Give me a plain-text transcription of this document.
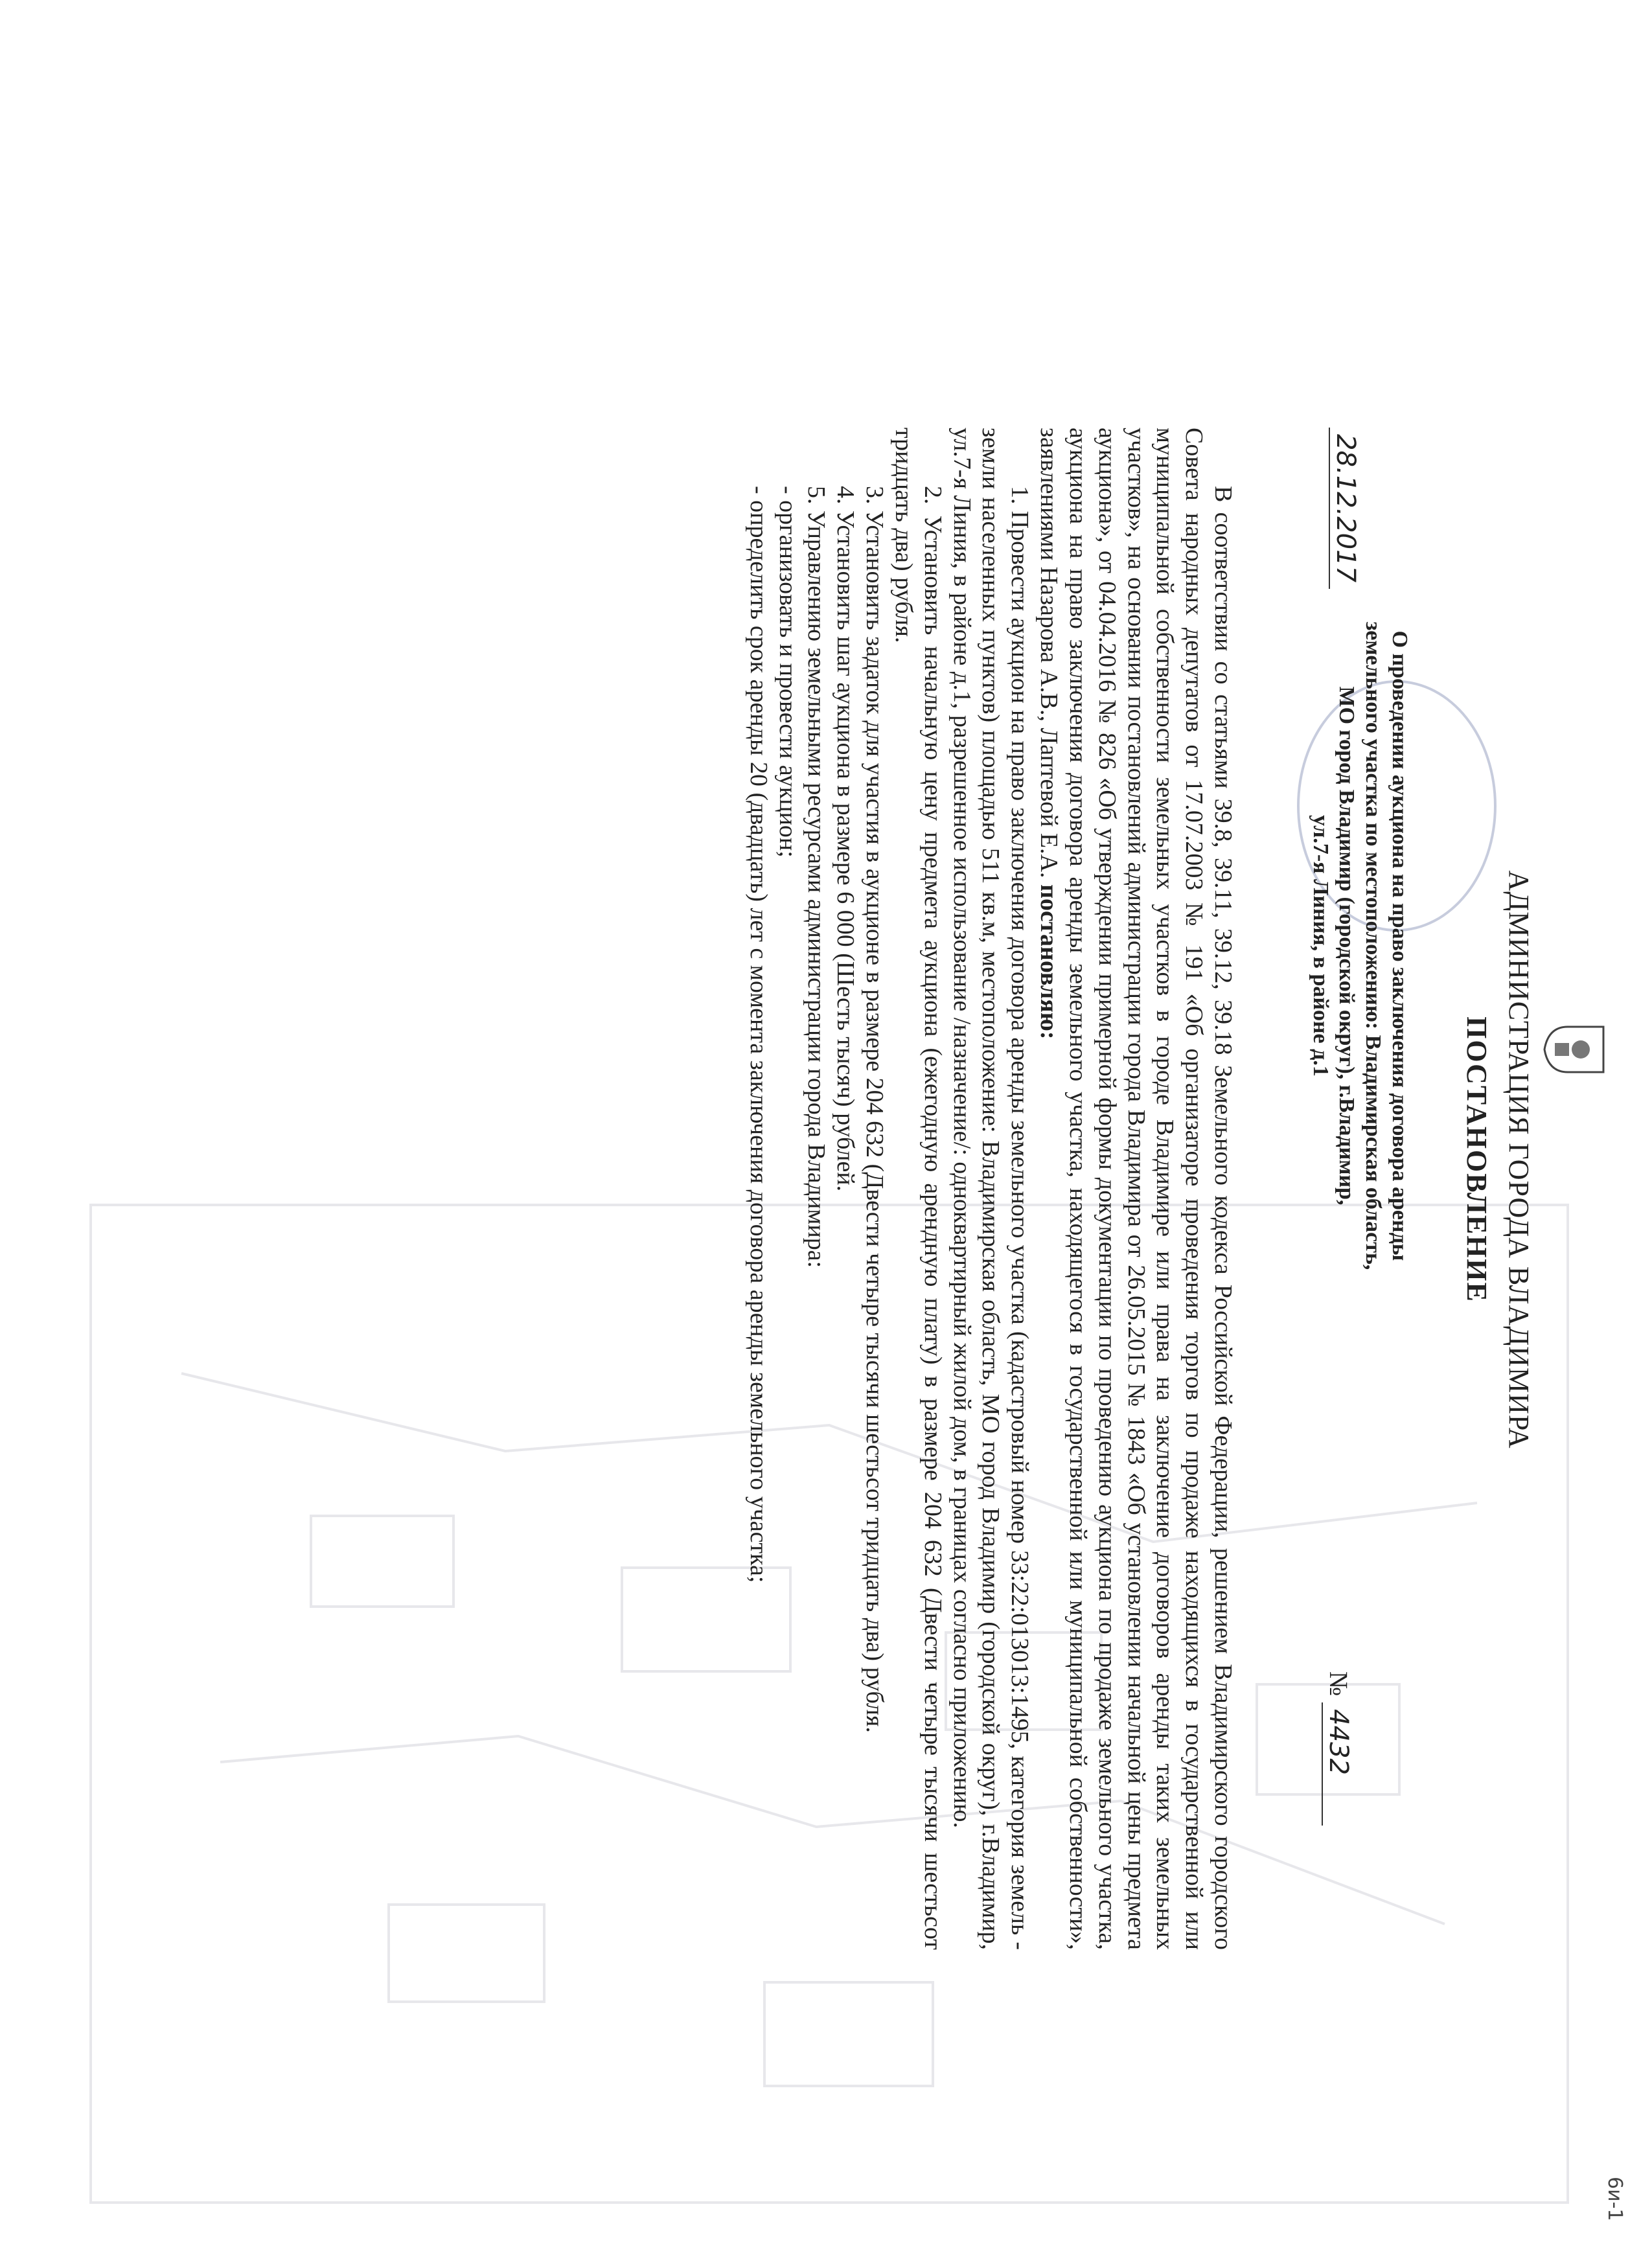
6и-1
АДМИНИСТРАЦИЯ ГОРОДА ВЛАДИМИРА
ПОСТАНОВЛЕНИЕ
О проведении аукциона на право заключения договора аренды
земельного участка по местоположению: Владимирская область,
МО город Владимир (городской округ), г.Владимир,
ул.7-я Линия, в районе д.1
28.12.2017
№ 4432

В соответствии со статьями 39.8, 39.11, 39.12, 39.18 Земельного кодекса Российской Федерации, решением Владимирского городского Совета народных депутатов от 17.07.2003 № 191 «Об организаторе проведения торгов по продаже находящихся в государственной или муниципальной собственности земельных участков в городе Владимире или права на заключение договоров аренды таких земельных участков», на основании постановлений администрации города Владимира от 26.05.2015 № 1843 «Об установлении начальной цены предмета аукциона», от 04.04.2016 № 826 «Об утверждении примерной формы документации по проведению аукциона по продаже земельного участка, аукциона на право заключения договора аренды земельного участка, находящегося в государственной или муниципальной собственности», заявлениями Назарова А.В., Лаптевой Е.А. постановляю:

1. Провести аукцион на право заключения договора аренды земельного участка (кадастровый номер 33:22:013013:1495, категория земель - земли населенных пунктов) площадью 511 кв.м, местоположение: Владимирская область, МО город Владимир (городской округ), г.Владимир, ул.7-я Линия, в районе д.1, разрешенное использование /назначение/: одноквартирный жилой дом, в границах согласно приложению.

2. Установить начальную цену предмета аукциона (ежегодную арендную плату) в размере 204 632 (Двести четыре тысячи шестьсот тридцать два) рубля.

3. Установить задаток для участия в аукционе в размере 204 632 (Двести четыре тысячи шестьсот тридцать два) рубля.

4. Установить шаг аукциона в размере 6 000 (Шесть тысяч) рублей.

5. Управлению земельными ресурсами администрации города Владимира:

- организовать и провести аукцион;

- определить срок аренды 20 (двадцать) лет с момента заключения договора аренды земельного участка;
